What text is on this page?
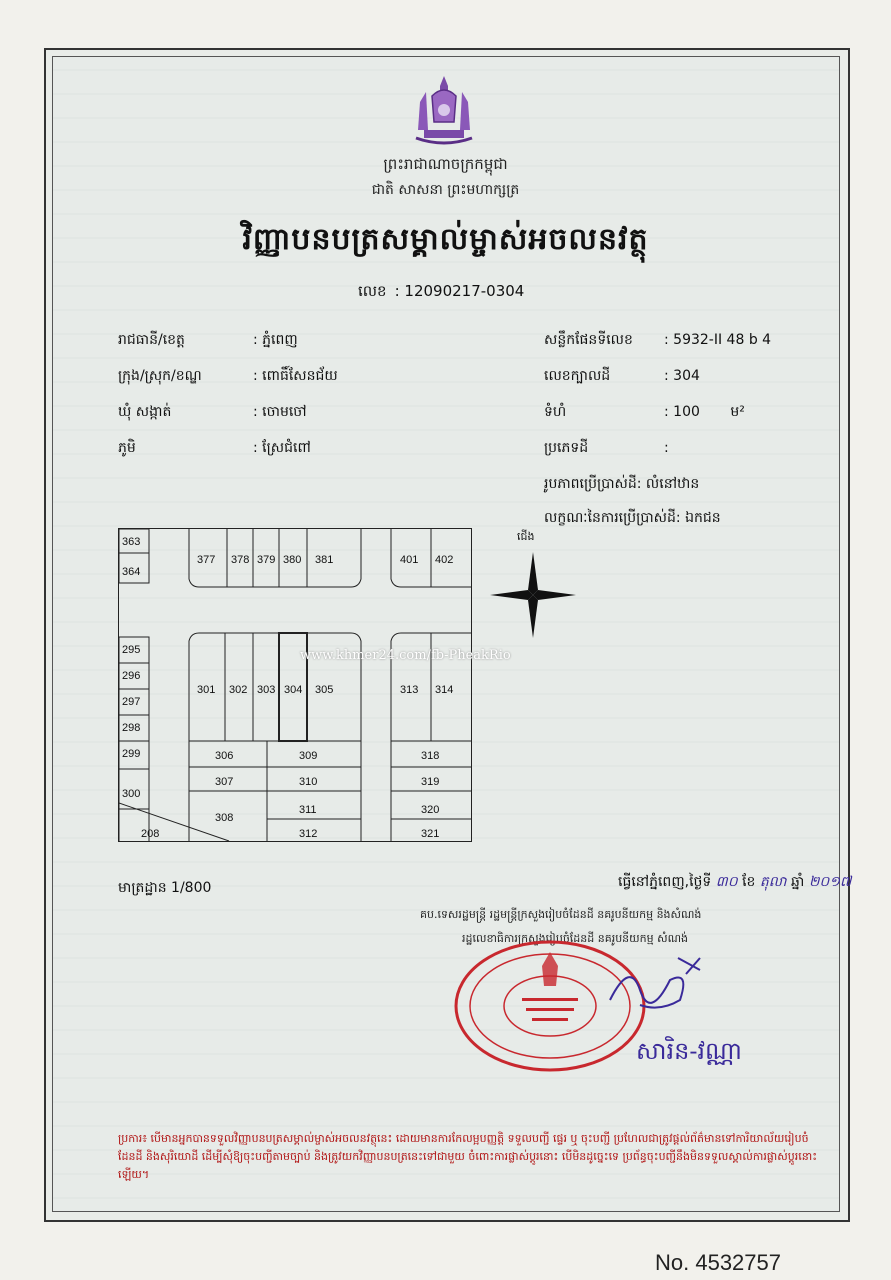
ព្រះរាជាណាចក្រកម្ពុជា
ជាតិ សាសនា ព្រះមហាក្សត្រ
វិញ្ញាបនបត្រសម្គាល់ម្ចាស់អចលនវត្ថុ
លេខ : 12090217-0304
រាជធានី/ខេត្ត	: ភ្នំពេញ
ក្រុង/ស្រុក/ខណ្ឌ	: ពោធិ៍សែនជ័យ
ឃុំ សង្កាត់	: ចោមចៅ
ភូមិ	: ស្រែជំពៅ
សន្លឹកផែនទីលេខ : 5932-II 48 b 4
លេខក្បាលដី	: 304
ទំហំ	: 100 ម²
ប្រភេទដី	:
រូបភាពប្រើប្រាស់ដី: លំនៅឋាន
លក្ខណៈនៃការប្រើប្រាស់ដី: ឯកជន
363
364
377 378 379 380 381	401 402
295
296
297
298
299
300
301 302 303 304 305	313 314
306	309	318
307	310	319
308
311	320
208	312	321
ជើង
www.khmer24.com/fb-PheakRio
មាត្រដ្ឋាន 1/800	ធ្វើនៅភ្នំពេញ,ថ្ងៃទី ៣០ ខែ តុលា ឆ្នាំ ២០១៧
គប.ទេសរដ្ឋមន្ត្រី រដ្ឋមន្ត្រីក្រសួងរៀបចំដែនដី នគរូបនីយកម្ម និងសំណង់
រដ្ឋលេខាធិការក្រសួងរៀបចំដែនដី នគរូបនីយកម្ម សំណង់
សារិន-វណ្ណា
ប្រការ៖ បើមានអ្នកបានទទួលវិញ្ញាបនបត្រសម្គាល់ម្ចាស់អចលនវត្ថុនេះ ដោយមានការកែលម្អបញ្ញត្តិ ទទួលបញ្ជី ផ្ទេរ ឬ ចុះបញ្ជី ប្រហែលជាត្រូវផ្តល់ព័ត៌មានទៅការិយាល័យរៀបចំដែនដី និងសុរិយោដី ដើម្បីសុំឱ្យចុះបញ្ជីតាមច្បាប់ និងត្រូវយកវិញ្ញាបនបត្រនេះទៅជាមួយ ចំពោះការផ្លាស់ប្តូរនោះ បើមិនដូច្នេះទេ ប្រព័ន្ធចុះបញ្ជីនឹងមិនទទួលស្គាល់ការផ្លាស់ប្តូរនោះឡើយ។
No. 4532757
